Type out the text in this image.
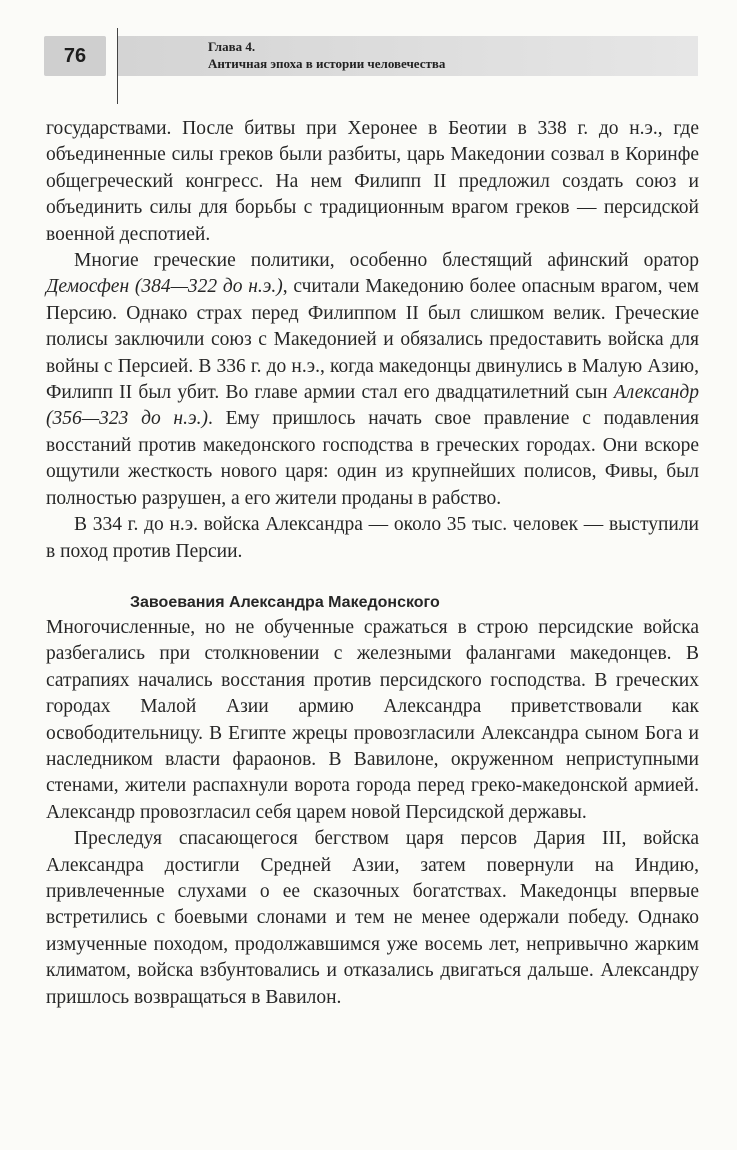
76	Глава 4.
Античная эпоха в истории человечества

государствами. После битвы при Херонее в Беотии в 338 г. до н.э., где объединенные силы греков были разбиты, царь Македонии созвал в Коринфе общегреческий конгресс. На нем Филипп II предложил создать союз и объединить силы для борьбы с традиционным врагом греков — персидской военной деспотией.

Многие греческие политики, особенно блестящий афинский оратор Демосфен (384—322 до н.э.), считали Македонию более опасным врагом, чем Персию. Однако страх перед Филиппом II был слишком велик. Греческие полисы заключили союз с Македонией и обязались предоставить войска для войны с Персией. В 336 г. до н.э., когда македонцы двинулись в Малую Азию, Филипп II был убит. Во главе армии стал его двадцатилетний сын Александр (356—323 до н.э.). Ему пришлось начать свое правление с подавления восстаний против македонского господства в греческих городах. Они вскоре ощутили жесткость нового царя: один из крупнейших полисов, Фивы, был полностью разрушен, а его жители проданы в рабство.

В 334 г. до н.э. войска Александра — около 35 тыс. человек — выступили в поход против Персии.

Завоевания Александра Македонского

Многочисленные, но не обученные сражаться в строю персидские войска разбегались при столкновении с железными фалангами македонцев. В сатрапиях начались восстания против персидского господства. В греческих городах Малой Азии армию Александра приветствовали как освободительницу. В Египте жрецы провозгласили Александра сыном Бога и наследником власти фараонов. В Вавилоне, окруженном неприступными стенами, жители распахнули ворота города перед греко-македонской армией. Александр провозгласил себя царем новой Персидской державы.

Преследуя спасающегося бегством царя персов Дария III, войска Александра достигли Средней Азии, затем повернули на Индию, привлеченные слухами о ее сказочных богатствах. Македонцы впервые встретились с боевыми слонами и тем не менее одержали победу. Однако измученные походом, продолжавшимся уже восемь лет, непривычно жарким климатом, войска взбунтовались и отказались двигаться дальше. Александру пришлось возвращаться в Вавилон.
